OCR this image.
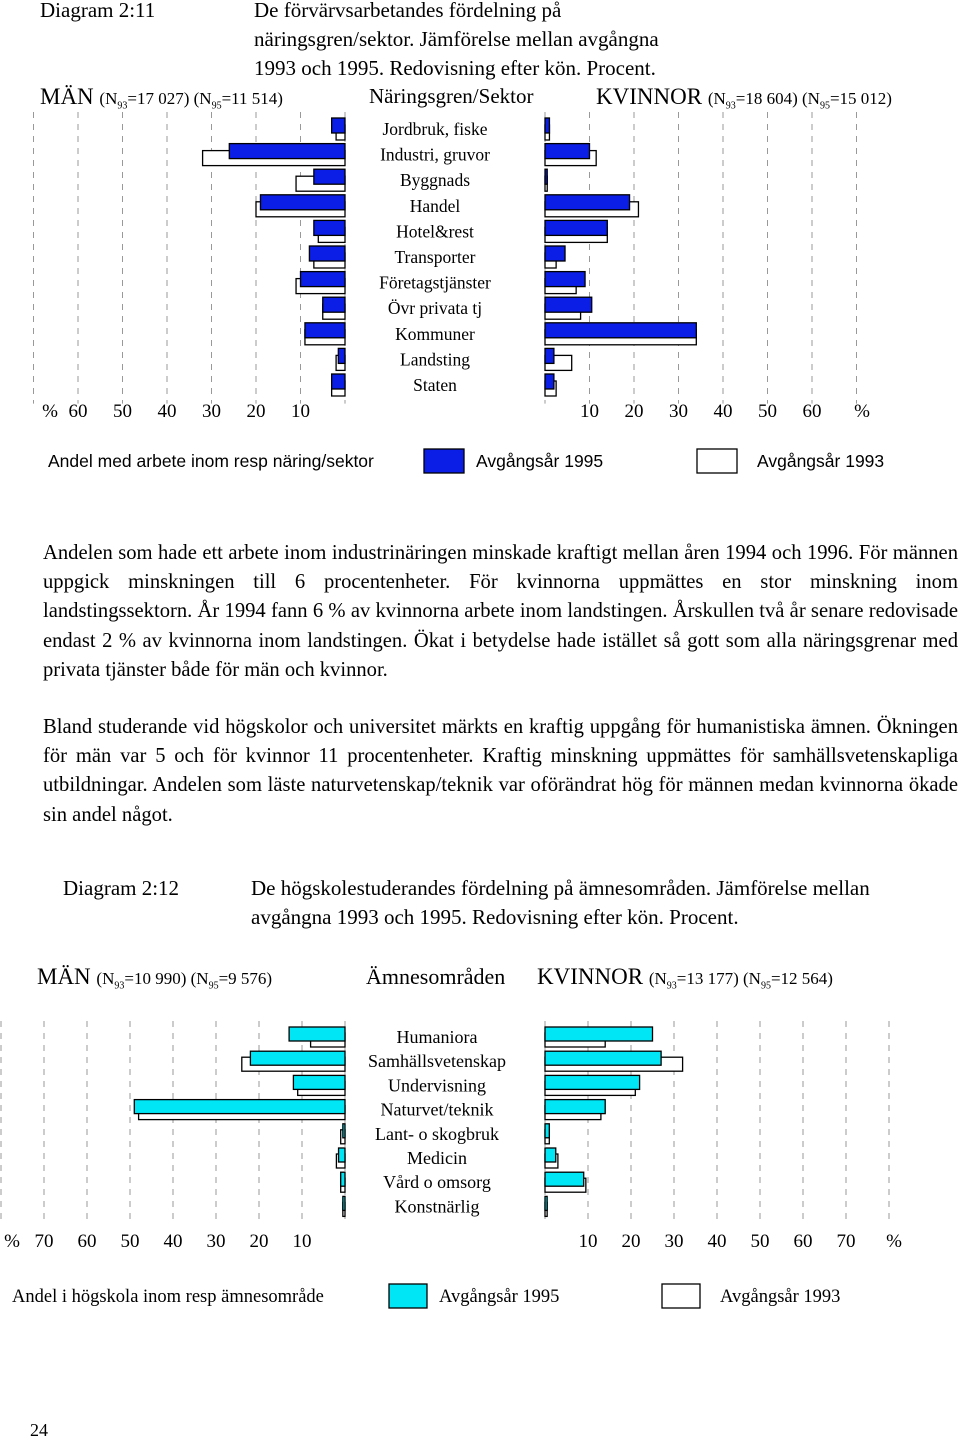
Diagram 2:11	De förvärvsarbetandes fördelning på näringsgren/sektor. Jämförelse mellan avgångna 1993 och 1995. Redovisning efter kön. Procent.
MÄN ($N_{93}=17$ 027) ($N_{95}=11$ 514)	Näringsgren/Sektor	KVINNOR ($N_{93}=18$ 604) ($N_{95}=15$ 012)
Jordbruk, fiske
Industri, gruvor
Byggnads
Handel
Hotel&rest
Transporter
Företagstjänster
Övr privata tj
Kommuner
Landsting
Staten
10	10
20	20
30	30
40	40
50	50
60	60
%	%
Andel med arbete inom resp näring/sektor	Avgångsår 1995	Avgångsår 1993
Andelen som hade ett arbete inom industrinäringen minskade kraftigt mellan åren 1994 och 1996. För männen uppgick minskningen till 6 procentenheter. För kvinnorna uppmättes en stor minskning inom landstingssektorn. År 1994 fann 6 % av kvinnorna arbete inom landstingen. Årskullen två år senare redovisade endast 2 % av kvinnorna inom landstingen. Ökat i betydelse hade istället så gott som alla näringsgrenar med privata tjänster både för män och kvinnor.
Bland studerande vid högskolor och universitet märkts en kraftig uppgång för humanistiska ämnen. Ökningen för män var 5 och för kvinnor 11 procentenheter. Kraftig minskning uppmättes för samhällsvetenskapliga utbildningar. Andelen som läste naturvetenskap/teknik var oförändrat hög för männen medan kvinnorna ökade sin andel något.
Diagram 2:12	De högskolestuderandes fördelning på ämnesområden. Jämförelse mellan avgångna 1993 och 1995. Redovisning efter kön. Procent.
MÄN ($N_{93}=10$ 990) ($N_{95}=9$ 576)	Ämnesområden KVINNOR ($N_{93}=13$ 177) ($N_{95}=12$ 564)
Humaniora
Samhällsvetenskap
Undervisning
Naturvet/teknik
Lant- o skogbruk
Medicin
Vård o omsorg
Konstnärlig
10	10
20	20
30	30
40	40
50	50
60	60
70	70
%	%
Andel i högskola inom resp ämnesområde	Avgångsår 1995	Avgångsår 1993
24
